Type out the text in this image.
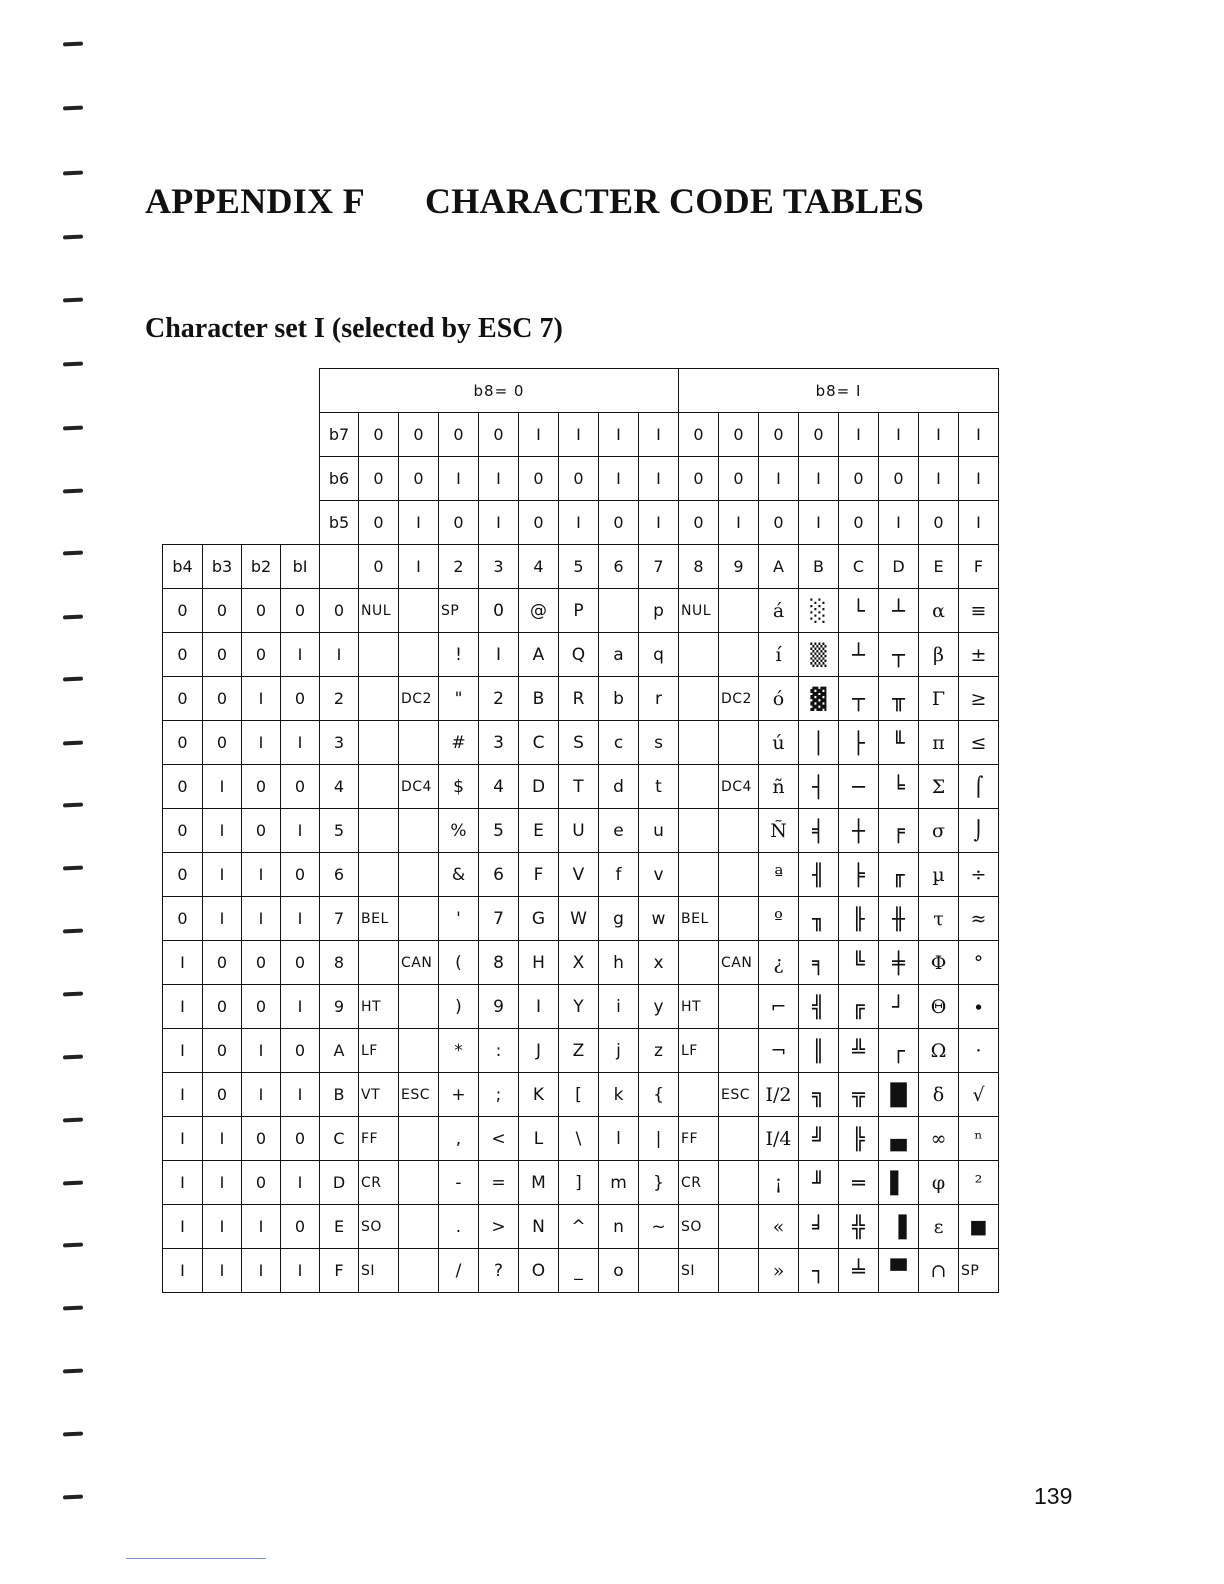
APPENDIX F CHARACTER CODE TABLES
Character set I (selected by ESC 7)
				b8= 0									b8= I							
				b7	0	0	0	0	I	I	I	I	0	0	0	0	I	I	I	I
				b6	0	0	I	I	0	0	I	I	0	0	I	I	0	0	I	I
				b5	0	I	0	I	0	I	0	I	0	I	0	I	0	I	0	I
b4	b3	b2	bI		0	I	2	3	4	5	6	7	8	9	A	B	C	D	E	F
0	0	0	0	0	NUL		SP	0	@	P		p	NUL		á	░	└	┴	α	≡
0	0	0	I	I			!	I	A	Q	a	q			í	▒	┴	┬	β	±
0	0	I	0	2		DC2	"	2	B	R	b	r		DC2	ó	▓	┬	╥	Γ	≥
0	0	I	I	3			#	3	C	S	c	s			ú	│	├	╙	π	≤
0	I	0	0	4		DC4	$	4	D	T	d	t		DC4	ñ	┤	─	╘	Σ	⌠
0	I	0	I	5			%	5	E	U	e	u			Ñ	╡	┼	╒	σ	⌡
0	I	I	0	6			&	6	F	V	f	v			ª	╢	╞	╓	µ	÷
0	I	I	I	7	BEL		'	7	G	W	g	w	BEL		º	╖	╟	╫	τ	≈
I	0	0	0	8		CAN	(	8	H	X	h	x		CAN	¿	╕	╚	╪	Φ	°
I	0	0	I	9	HT		)	9	I	Y	i	y	HT		⌐	╣	╔	┘	Θ	∙
I	0	I	0	A	LF		*	:	J	Z	j	z	LF		¬	║	╩	┌	Ω	·
I	0	I	I	B	VT	ESC	+	;	K	[	k	{		ESC	I/2	╗	╦	█	δ	√
I	I	0	0	C	FF		,	<	L	\	l	|	FF		I/4	╝	╠	▄	∞	ⁿ
I	I	0	I	D	CR		-	=	M	]	m	}	CR		¡	╜	═	▌	φ	²
I	I	I	0	E	SO		.	>	N	^	n	~	SO		«	╛	╬	▐	ε	■
I	I	I	I	F	SI		/	?	O	_	o		SI		»	┐	╧	▀	∩	SP
139
